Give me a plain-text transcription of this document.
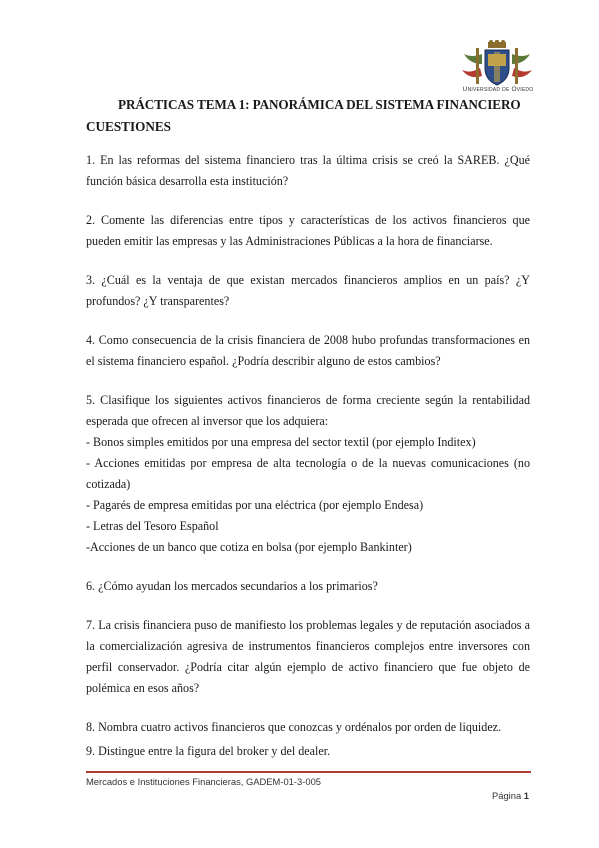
Universidad de Oviedo
PRÁCTICAS TEMA 1: PANORÁMICA DEL SISTEMA FINANCIERO
CUESTIONES

1. En las reformas del sistema financiero tras la última crisis se creó la SAREB. ¿Qué función básica desarrolla esta institución?

2. Comente las diferencias entre tipos y características de los activos financieros que pueden emitir las empresas y las Administraciones Públicas a la hora de financiarse.

3. ¿Cuál es la ventaja de que existan mercados financieros amplios en un país? ¿Y profundos? ¿Y transparentes?

4. Como consecuencia de la crisis financiera de 2008 hubo profundas transformaciones en el sistema financiero español. ¿Podría describir alguno de estos cambios?

5. Clasifique los siguientes activos financieros de forma creciente según la rentabilidad esperada que ofrecen al inversor que los adquiera:

- Bonos simples emitidos por una empresa del sector textil (por ejemplo Inditex)

- Acciones emitidas por empresa de alta tecnología o de la nuevas comunicaciones (no cotizada)

- Pagarés de empresa emitidas por una eléctrica (por ejemplo Endesa)

- Letras del Tesoro Español

-Acciones de un banco que cotiza en bolsa (por ejemplo Bankinter)

6. ¿Cómo ayudan los mercados secundarios a los primarios?

7. La crisis financiera puso de manifiesto los problemas legales y de reputación asociados a la comercialización agresiva de instrumentos financieros complejos entre inversores con perfil conservador. ¿Podría citar algún ejemplo de activo financiero que fue objeto de polémica en esos años?

8. Nombra cuatro activos financieros que conozcas y ordénalos por orden de liquidez.

9. Distingue entre la figura del broker y del dealer.

Mercados e Instituciones Financieras, GADEM-01-3-005
Página 1
